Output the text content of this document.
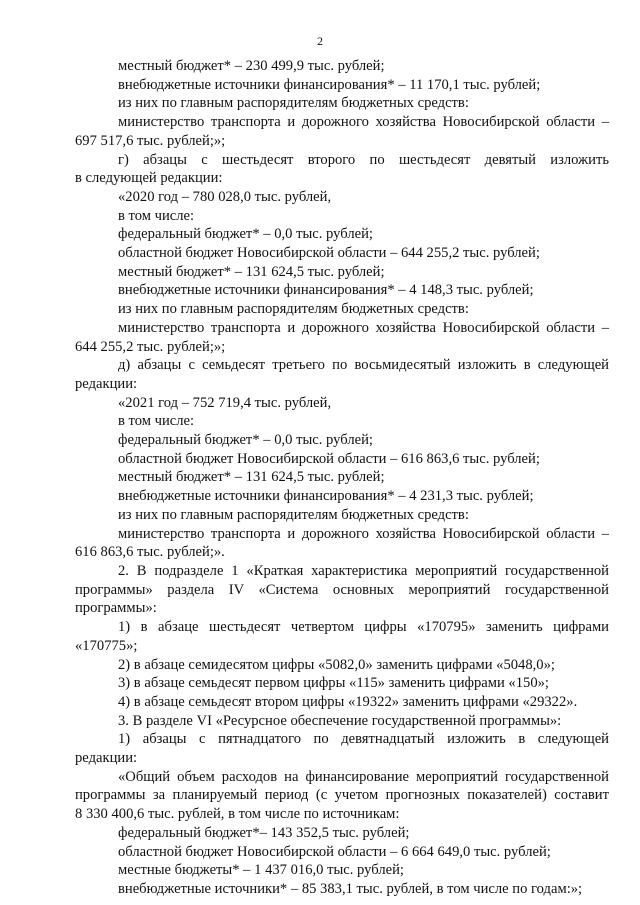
2

местный бюджет* – 230 499,9 тыс. рублей;

внебюджетные источники финансирования* – 11 170,1 тыс. рублей;

из них по главным распорядителям бюджетных средств:

министерство транспорта и дорожного хозяйства Новосибирской области –

697 517,6 тыс. рублей;»;

г) абзацы с шестьдесят второго по шестьдесят девятый изложить

в следующей редакции:

«2020 год – 780 028,0 тыс. рублей,

в том числе:

федеральный бюджет* – 0,0 тыс. рублей;

областной бюджет Новосибирской области – 644 255,2 тыс. рублей;

местный бюджет* – 131 624,5 тыс. рублей;

внебюджетные источники финансирования* – 4 148,3 тыс. рублей;

из них по главным распорядителям бюджетных средств:

министерство транспорта и дорожного хозяйства Новосибирской области –

644 255,2 тыс. рублей;»;

д) абзацы с семьдесят третьего по восьмидесятый изложить в следующей

редакции:

«2021 год – 752 719,4 тыс. рублей,

в том числе:

федеральный бюджет* – 0,0 тыс. рублей;

областной бюджет Новосибирской области – 616 863,6 тыс. рублей;

местный бюджет* – 131 624,5 тыс. рублей;

внебюджетные источники финансирования* – 4 231,3 тыс. рублей;

из них по главным распорядителям бюджетных средств:

министерство транспорта и дорожного хозяйства Новосибирской области –

616 863,6 тыс. рублей;».

2. В подразделе 1 «Краткая характеристика мероприятий государственной

программы» раздела IV «Система основных мероприятий государственной

программы»:

1) в абзаце шестьдесят четвертом цифры «170795» заменить цифрами

«170775»;

2) в абзаце семидесятом цифры «5082,0» заменить цифрами «5048,0»;

3) в абзаце семьдесят первом цифры «115» заменить цифрами «150»;

4) в абзаце семьдесят втором цифры «19322» заменить цифрами «29322».

3. В разделе VI «Ресурсное обеспечение государственной программы»:

1) абзацы с пятнадцатого по девятнадцатый изложить в следующей

редакции:

«Общий объем расходов на финансирование мероприятий государственной

программы за планируемый период (с учетом прогнозных показателей) составит

8 330 400,6 тыс. рублей, в том числе по источникам:

федеральный бюджет*– 143 352,5 тыс. рублей;

областной бюджет Новосибирской области – 6 664 649,0 тыс. рублей;

местные бюджеты* – 1 437 016,0 тыс. рублей;

внебюджетные источники* – 85 383,1 тыс. рублей, в том числе по годам:»;
